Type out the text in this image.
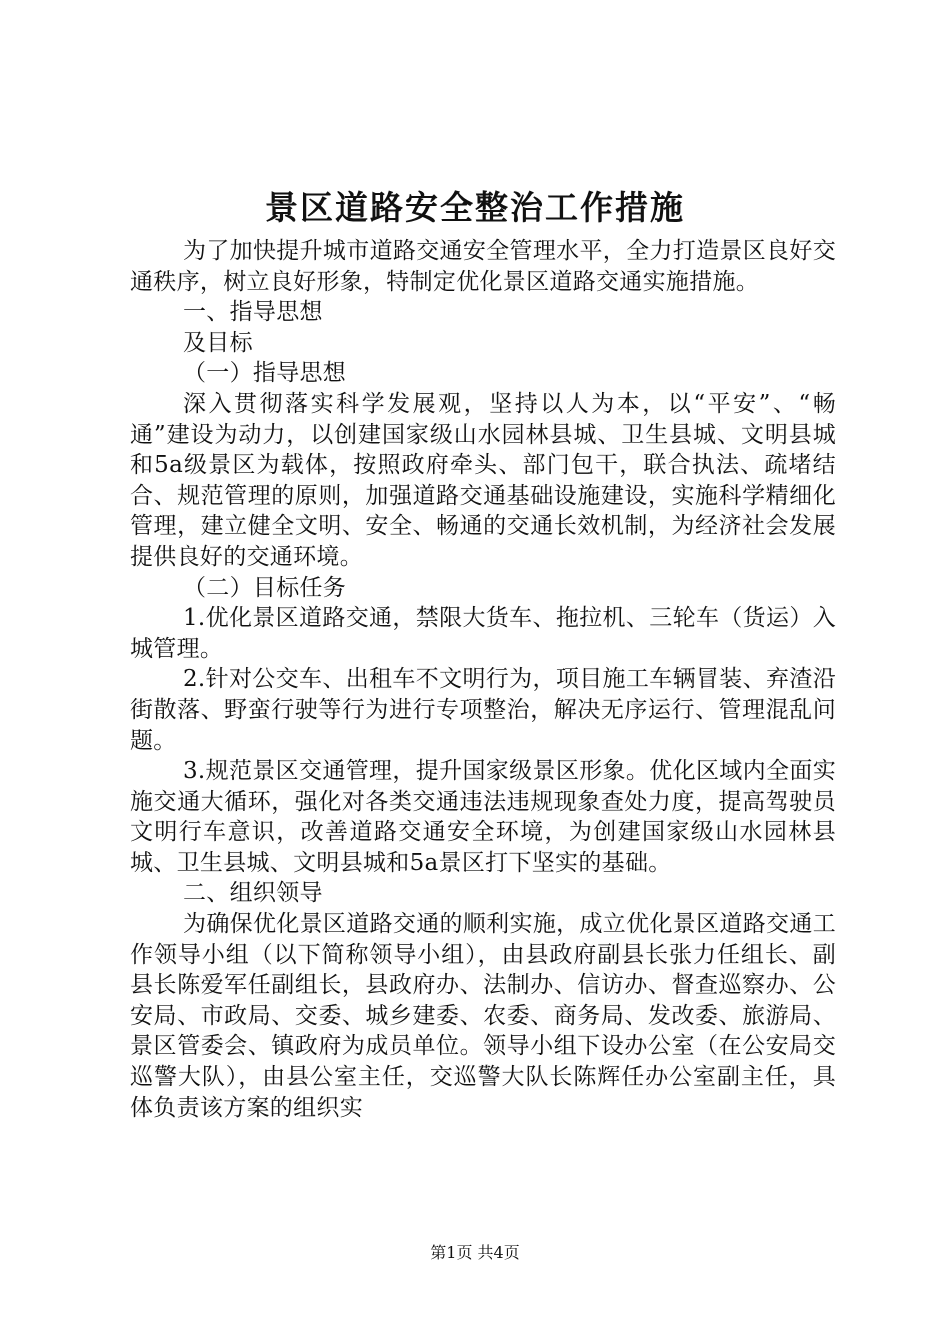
景区道路安全整治工作措施

为了加快提升城市道路交通安全管理水平，全力打造景区良好交通秩序，树立良好形象，特制定优化景区道路交通实施措施。

一、指导思想

及目标

（一）指导思想

深入贯彻落实科学发展观，坚持以人为本，以“平安”、“畅通”建设为动力，以创建国家级山水园林县城、卫生县城、文明县城和5a级景区为载体，按照政府牵头、部门包干，联合执法、疏堵结合、规范管理的原则，加强道路交通基础设施建设，实施科学精细化管理，建立健全文明、安全、畅通的交通长效机制，为经济社会发展提供良好的交通环境。

（二）目标任务

1.优化景区道路交通，禁限大货车、拖拉机、三轮车（货运）入城管理。

2.针对公交车、出租车不文明行为，项目施工车辆冒装、弃渣沿街散落、野蛮行驶等行为进行专项整治，解决无序运行、管理混乱问题。

3.规范景区交通管理，提升国家级景区形象。优化区域内全面实施交通大循环，强化对各类交通违法违规现象查处力度，提高驾驶员文明行车意识，改善道路交通安全环境，为创建国家级山水园林县城、卫生县城、文明县城和5a景区打下坚实的基础。

二、组织领导

为确保优化景区道路交通的顺利实施，成立优化景区道路交通工作领导小组（以下简称领导小组），由县政府副县长张力任组长、副县长陈爱军任副组长，县政府办、法制办、信访办、督查巡察办、公安局、市政局、交委、城乡建委、农委、商务局、发改委、旅游局、景区管委会、镇政府为成员单位。领导小组下设办公室（在公安局交巡警大队），由县公室主任，交巡警大队长陈辉任办公室副主任，具体负责该方案的组织实

第1页 共4页
